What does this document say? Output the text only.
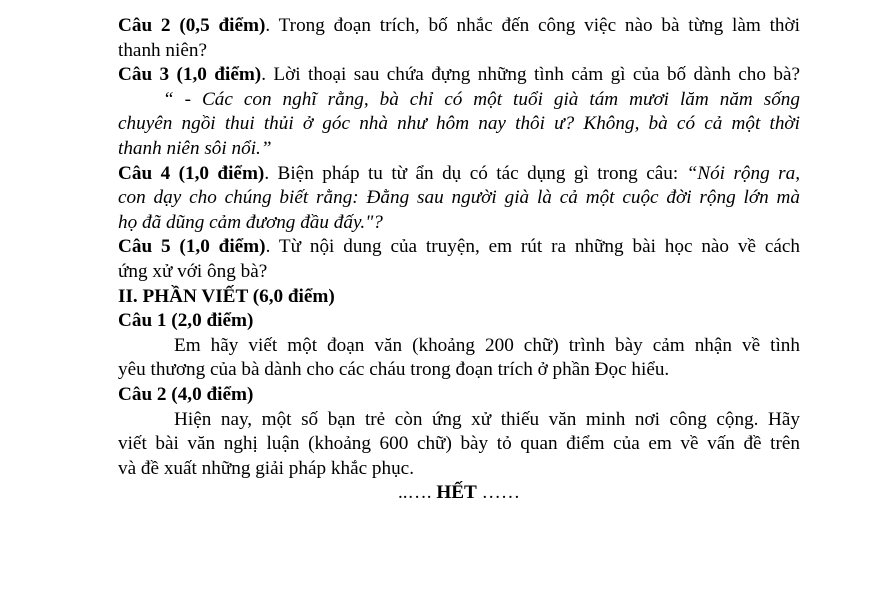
Câu 2 (0,5 điểm). Trong đoạn trích, bố nhắc đến công việc nào bà từng làm thời
thanh niên?
Câu 3 (1,0 điểm). Lời thoại sau chứa đựng những tình cảm gì của bố dành cho bà?
“ - Các con nghĩ rằng, bà chỉ có một tuổi già tám mươi lăm năm sống
chuyên ngồi thui thủi ở góc nhà như hôm nay thôi ư? Không, bà có cả một thời
thanh niên sôi nổi.”
Câu 4 (1,0 điểm). Biện pháp tu từ ẩn dụ có tác dụng gì trong câu: “Nói rộng ra,
con dạy cho chúng biết rằng: Đằng sau người già là cả một cuộc đời rộng lớn mà
họ đã dũng cảm đương đầu đấy."?
Câu 5 (1,0 điểm). Từ nội dung của truyện, em rút ra những bài học nào về cách
ứng xử với ông bà?
II. PHẦN VIẾT (6,0 điểm)
Câu 1 (2,0 điểm)
Em hãy viết một đoạn văn (khoảng 200 chữ) trình bày cảm nhận về tình
yêu thương của bà dành cho các cháu trong đoạn trích ở phần Đọc hiểu.
Câu 2 (4,0 điểm)
Hiện nay, một số bạn trẻ còn ứng xử thiếu văn minh nơi công cộng. Hãy
viết bài văn nghị luận (khoảng 600 chữ) bày tỏ quan điểm của em về vấn đề trên
và đề xuất những giải pháp khắc phục.
..…. HẾT ……
